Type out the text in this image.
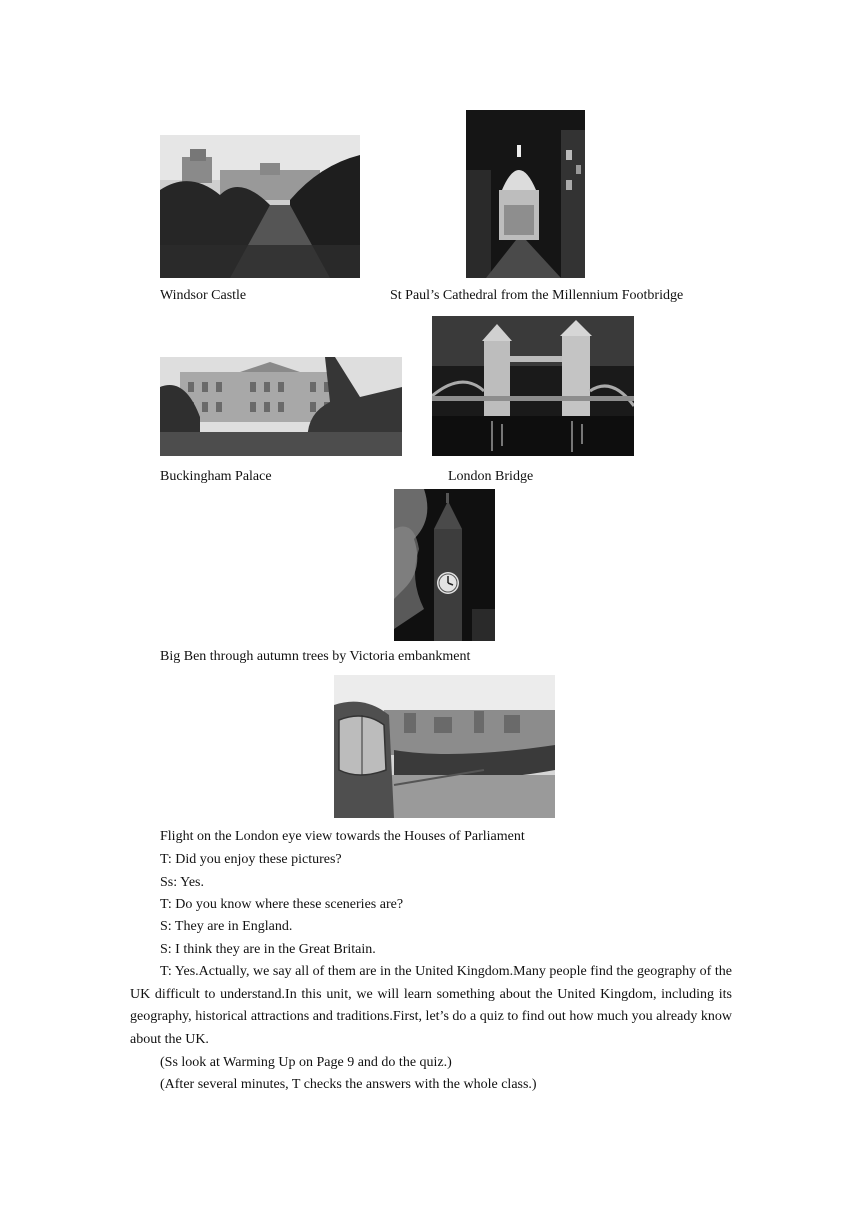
Windsor Castle	St Paul’s Cathedral from the Millennium Footbridge
Buckingham Palace	London Bridge
Big Ben through autumn trees by Victoria embankment
Flight on the London eye view towards the Houses of Parliament
T: Did you enjoy these pictures?
Ss: Yes.
T: Do you know where these sceneries are?
S: They are in England.
S: I think they are in the Great Britain.
T: Yes.Actually, we say all of them are in the United Kingdom.Many people find the geography of the UK difficult to understand.In this unit, we will learn something about the United Kingdom, including its geography, historical attractions and traditions.First, let’s do a quiz to find out how much you already know about the UK.
(Ss look at Warming Up on Page 9 and do the quiz.)
(After several minutes, T checks the answers with the whole class.)
